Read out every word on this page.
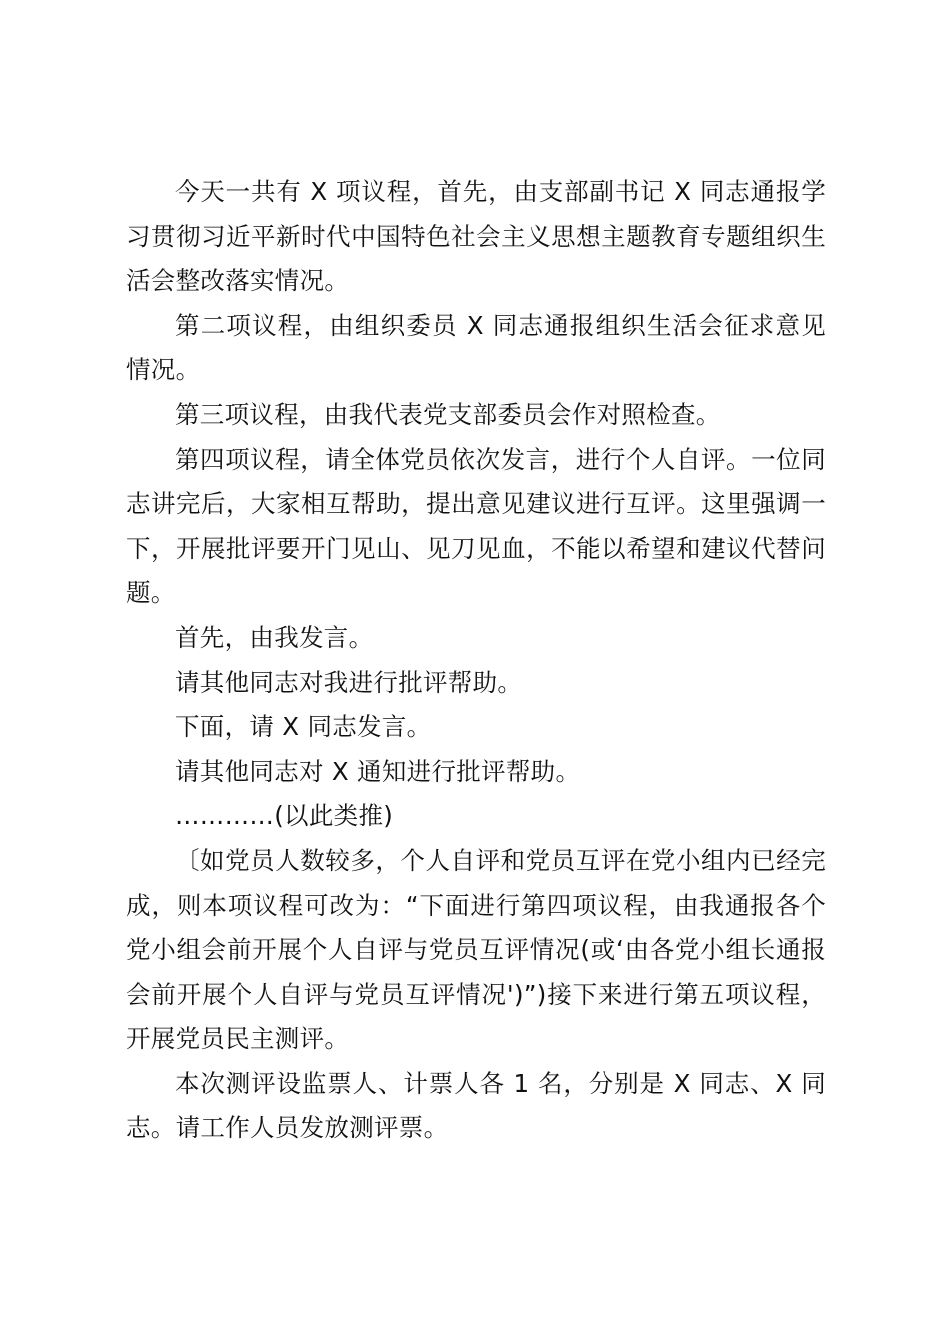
今天一共有 X 项议程，首先，由支部副书记 X 同志通报学习贯彻习近平新时代中国特色社会主义思想主题教育专题组织生活会整改落实情况。

第二项议程，由组织委员 X 同志通报组织生活会征求意见情况。

第三项议程，由我代表党支部委员会作对照检查。

第四项议程，请全体党员依次发言，进行个人自评。一位同志讲完后，大家相互帮助，提出意见建议进行互评。这里强调一下，开展批评要开门见山、见刀见血，不能以希望和建议代替问题。

首先，由我发言。

请其他同志对我进行批评帮助。

下面，请 X 同志发言。

请其他同志对 X 通知进行批评帮助。

…………(以此类推)

〔如党员人数较多，个人自评和党员互评在党小组内已经完成，则本项议程可改为：“下面进行第四项议程，由我通报各个党小组会前开展个人自评与党员互评情况(或‘由各党小组长通报会前开展个人自评与党员互评情况')”)接下来进行第五项议程，开展党员民主测评。

本次测评设监票人、计票人各 1 名，分别是 X 同志、X 同志。请工作人员发放测评票。
